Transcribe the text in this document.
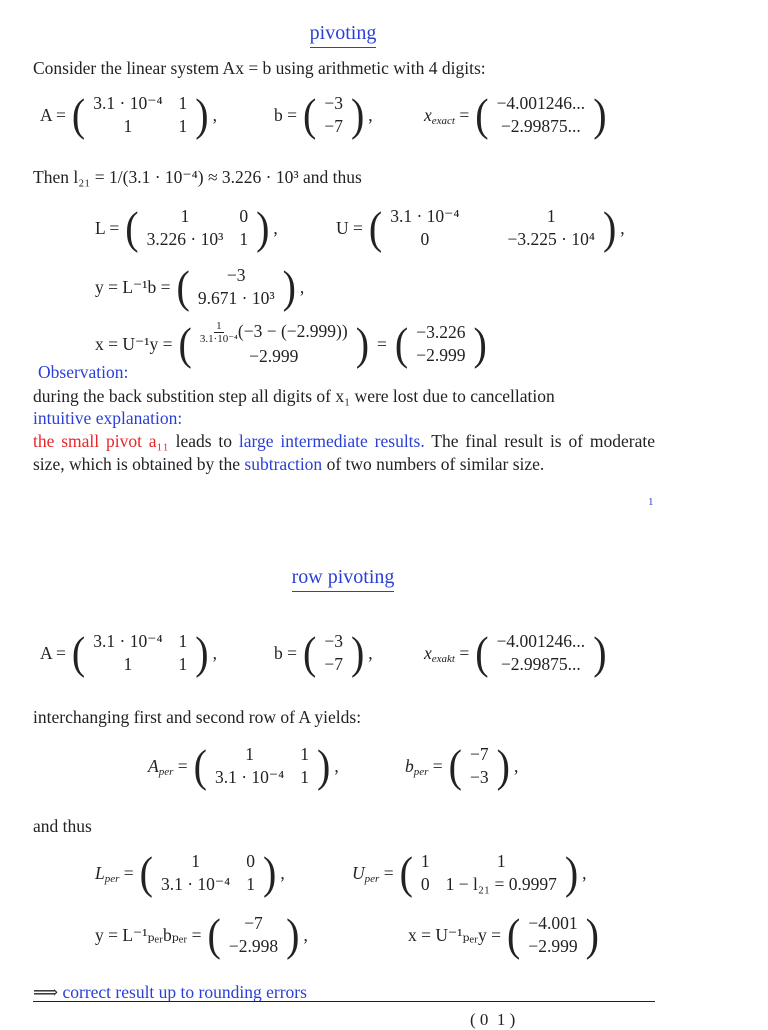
pivoting
Consider the linear system Ax = b using arithmetic with 4 digits:
A = ( 3.1 · 10⁻⁴	1
1	1 ) ,	b = ( −3
−7 ) ,	$x_{exact}$ = ( −4.001246...
−2.99875... )
Then l₂₁ = 1/(3.1 · 10⁻⁴) ≈ 3.226 · 10³ and thus
L = ( 1	0
3.226 · 10³	1 ) ,	U = ( 3.1 · 10⁻⁴	1
0	−3.225 · 10⁴ ) ,
y = L⁻¹b = ( −3
9.671 · 10³ ) ,
x = U⁻¹y = ( $\frac{1}{\text{3.1·10⁻⁴}} (-3 - (-2.999))$
−2.999 ) = ( −3.226
−2.999 )
Observation:
during the back substition step all digits of x₁ were lost due to cancellation
intuitive explanation:
the small pivot a₁₁ leads to large intermediate results. The final result is of moderate size, which is obtained by the subtraction of two numbers of similar size.
1
row pivoting
A = ( 3.1 · 10⁻⁴	1
1	1 ) ,	b = ( −3
−7 ) ,	$x_{exakt}$ = ( −4.001246...
−2.99875... )
interchanging first and second row of A yields:
$A_{per}$ = ( 1	1
3.1 · 10⁻⁴	1 ) ,	$b_{per}$ = ( −7
−3 ) ,
and thus
$L_{per}$ = ( 1	0
3.1 · 10⁻⁴	1 ) ,	$U_{per}$ = ( 1	1
0	1 − l₂₁ = 0.9997 ) ,
y = L⁻¹ₚₑᵣbₚₑᵣ = ( −7
−2.998 ) ,	x = U⁻¹ₚₑᵣy = ( −4.001
−2.999 )
⟹ correct result up to rounding errors
( 0 1 )
